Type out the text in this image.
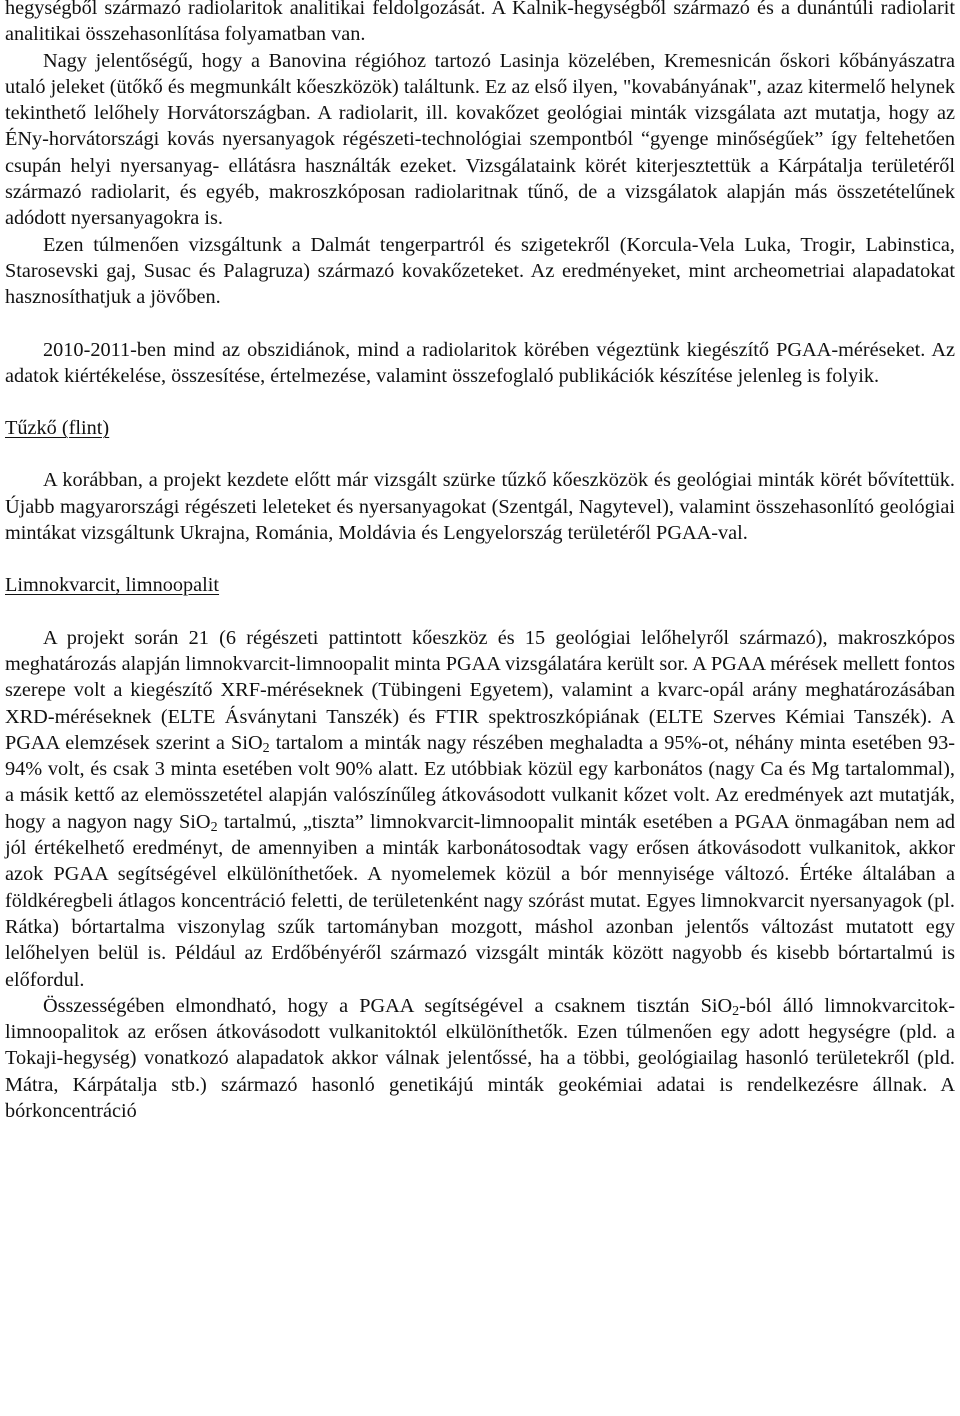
hegységből származó radiolaritok analitikai feldolgozását. A Kalnik-hegységből származó és a dunántúli radiolarit analitikai összehasonlítása folyamatban van.

Nagy jelentőségű, hogy a Banovina régióhoz tartozó Lasinja közelében, Kremesnicán őskori kőbányászatra utaló jeleket (ütőkő és megmunkált kőeszközök) találtunk. Ez az első ilyen, "kovabányának", azaz kitermelő helynek tekinthető lelőhely Horvátországban. A radiolarit, ill. kovakőzet geológiai minták vizsgálata azt mutatja, hogy az ÉNy-horvátországi kovás nyersanyagok régészeti-technológiai szempontból “gyenge minőségűek” így feltehetően csupán helyi nyersanyag- ellátásra használták ezeket. Vizsgálataink körét kiterjesztettük a Kárpátalja területéről származó radiolarit, és egyéb, makroszkóposan radiolaritnak tűnő, de a vizsgálatok alapján más összetételűnek adódott nyersanyagokra is.

Ezen túlmenően vizsgáltunk a Dalmát tengerpartról és szigetekről (Korcula-Vela Luka, Trogir, Labinstica, Starosevski gaj, Susac és Palagruza) származó kovakőzeteket. Az eredményeket, mint archeometriai alapadatokat hasznosíthatjuk a jövőben.

2010-2011-ben mind az obszidiánok, mind a radiolaritok körében végeztünk kiegészítő PGAA-méréseket. Az adatok kiértékelése, összesítése, értelmezése, valamint összefoglaló publikációk készítése jelenleg is folyik.

Tűzkő (flint)

A korábban, a projekt kezdete előtt már vizsgált szürke tűzkő kőeszközök és geológiai minták körét bővítettük. Újabb magyarországi régészeti leleteket és nyersanyagokat (Szentgál, Nagytevel), valamint összehasonlító geológiai mintákat vizsgáltunk Ukrajna, Románia, Moldávia és Lengyelország területéről PGAA-val.

Limnokvarcit, limnoopalit

A projekt során 21 (6 régészeti pattintott kőeszköz és 15 geológiai lelőhelyről származó), makroszkópos meghatározás alapján limnokvarcit-limnoopalit minta PGAA vizsgálatára került sor. A PGAA mérések mellett fontos szerepe volt a kiegészítő XRF-méréseknek (Tübingeni Egyetem), valamint a kvarc-opál arány meghatározásában XRD-méréseknek (ELTE Ásványtani Tanszék) és FTIR spektroszkópiának (ELTE Szerves Kémiai Tanszék). A PGAA elemzések szerint a SiO$_2$ tartalom a minták nagy részében meghaladta a 95%-ot, néhány minta esetében 93-94% volt, és csak 3 minta esetében volt 90% alatt. Ez utóbbiak közül egy karbonátos (nagy Ca és Mg tartalommal), a másik kettő az elemösszetétel alapján valószínűleg átkovásodott vulkanit kőzet volt. Az eredmények azt mutatják, hogy a nagyon nagy SiO$_2$ tartalmú, „tiszta” limnokvarcit-limnoopalit minták esetében a PGAA önmagában nem ad jól értékelhető eredményt, de amennyiben a minták karbonátosodtak vagy erősen átkovásodott vulkanitok, akkor azok PGAA segítségével elkülöníthetőek. A nyomelemek közül a bór mennyisége változó. Értéke általában a földkéregbeli átlagos koncentráció feletti, de területenként nagy szórást mutat. Egyes limnokvarcit nyersanyagok (pl. Rátka) bórtartalma viszonylag szűk tartományban mozgott, máshol azonban jelentős változást mutatott egy lelőhelyen belül is. Például az Erdőbényéről származó vizsgált minták között nagyobb és kisebb bórtartalmú is előfordul.

Összességében elmondható, hogy a PGAA segítségével a csaknem tisztán SiO$_2$-ból álló limnokvarcitok-limnoopalitok az erősen átkovásodott vulkanitoktól elkülöníthetők. Ezen túlmenően egy adott hegységre (pld. a Tokaji-hegység) vonatkozó alapadatok akkor válnak jelentőssé, ha a többi, geológiailag hasonló területekről (pld. Mátra, Kárpátalja stb.) származó hasonló genetikájú minták geokémiai adatai is rendelkezésre állnak. A bórkoncentráció
